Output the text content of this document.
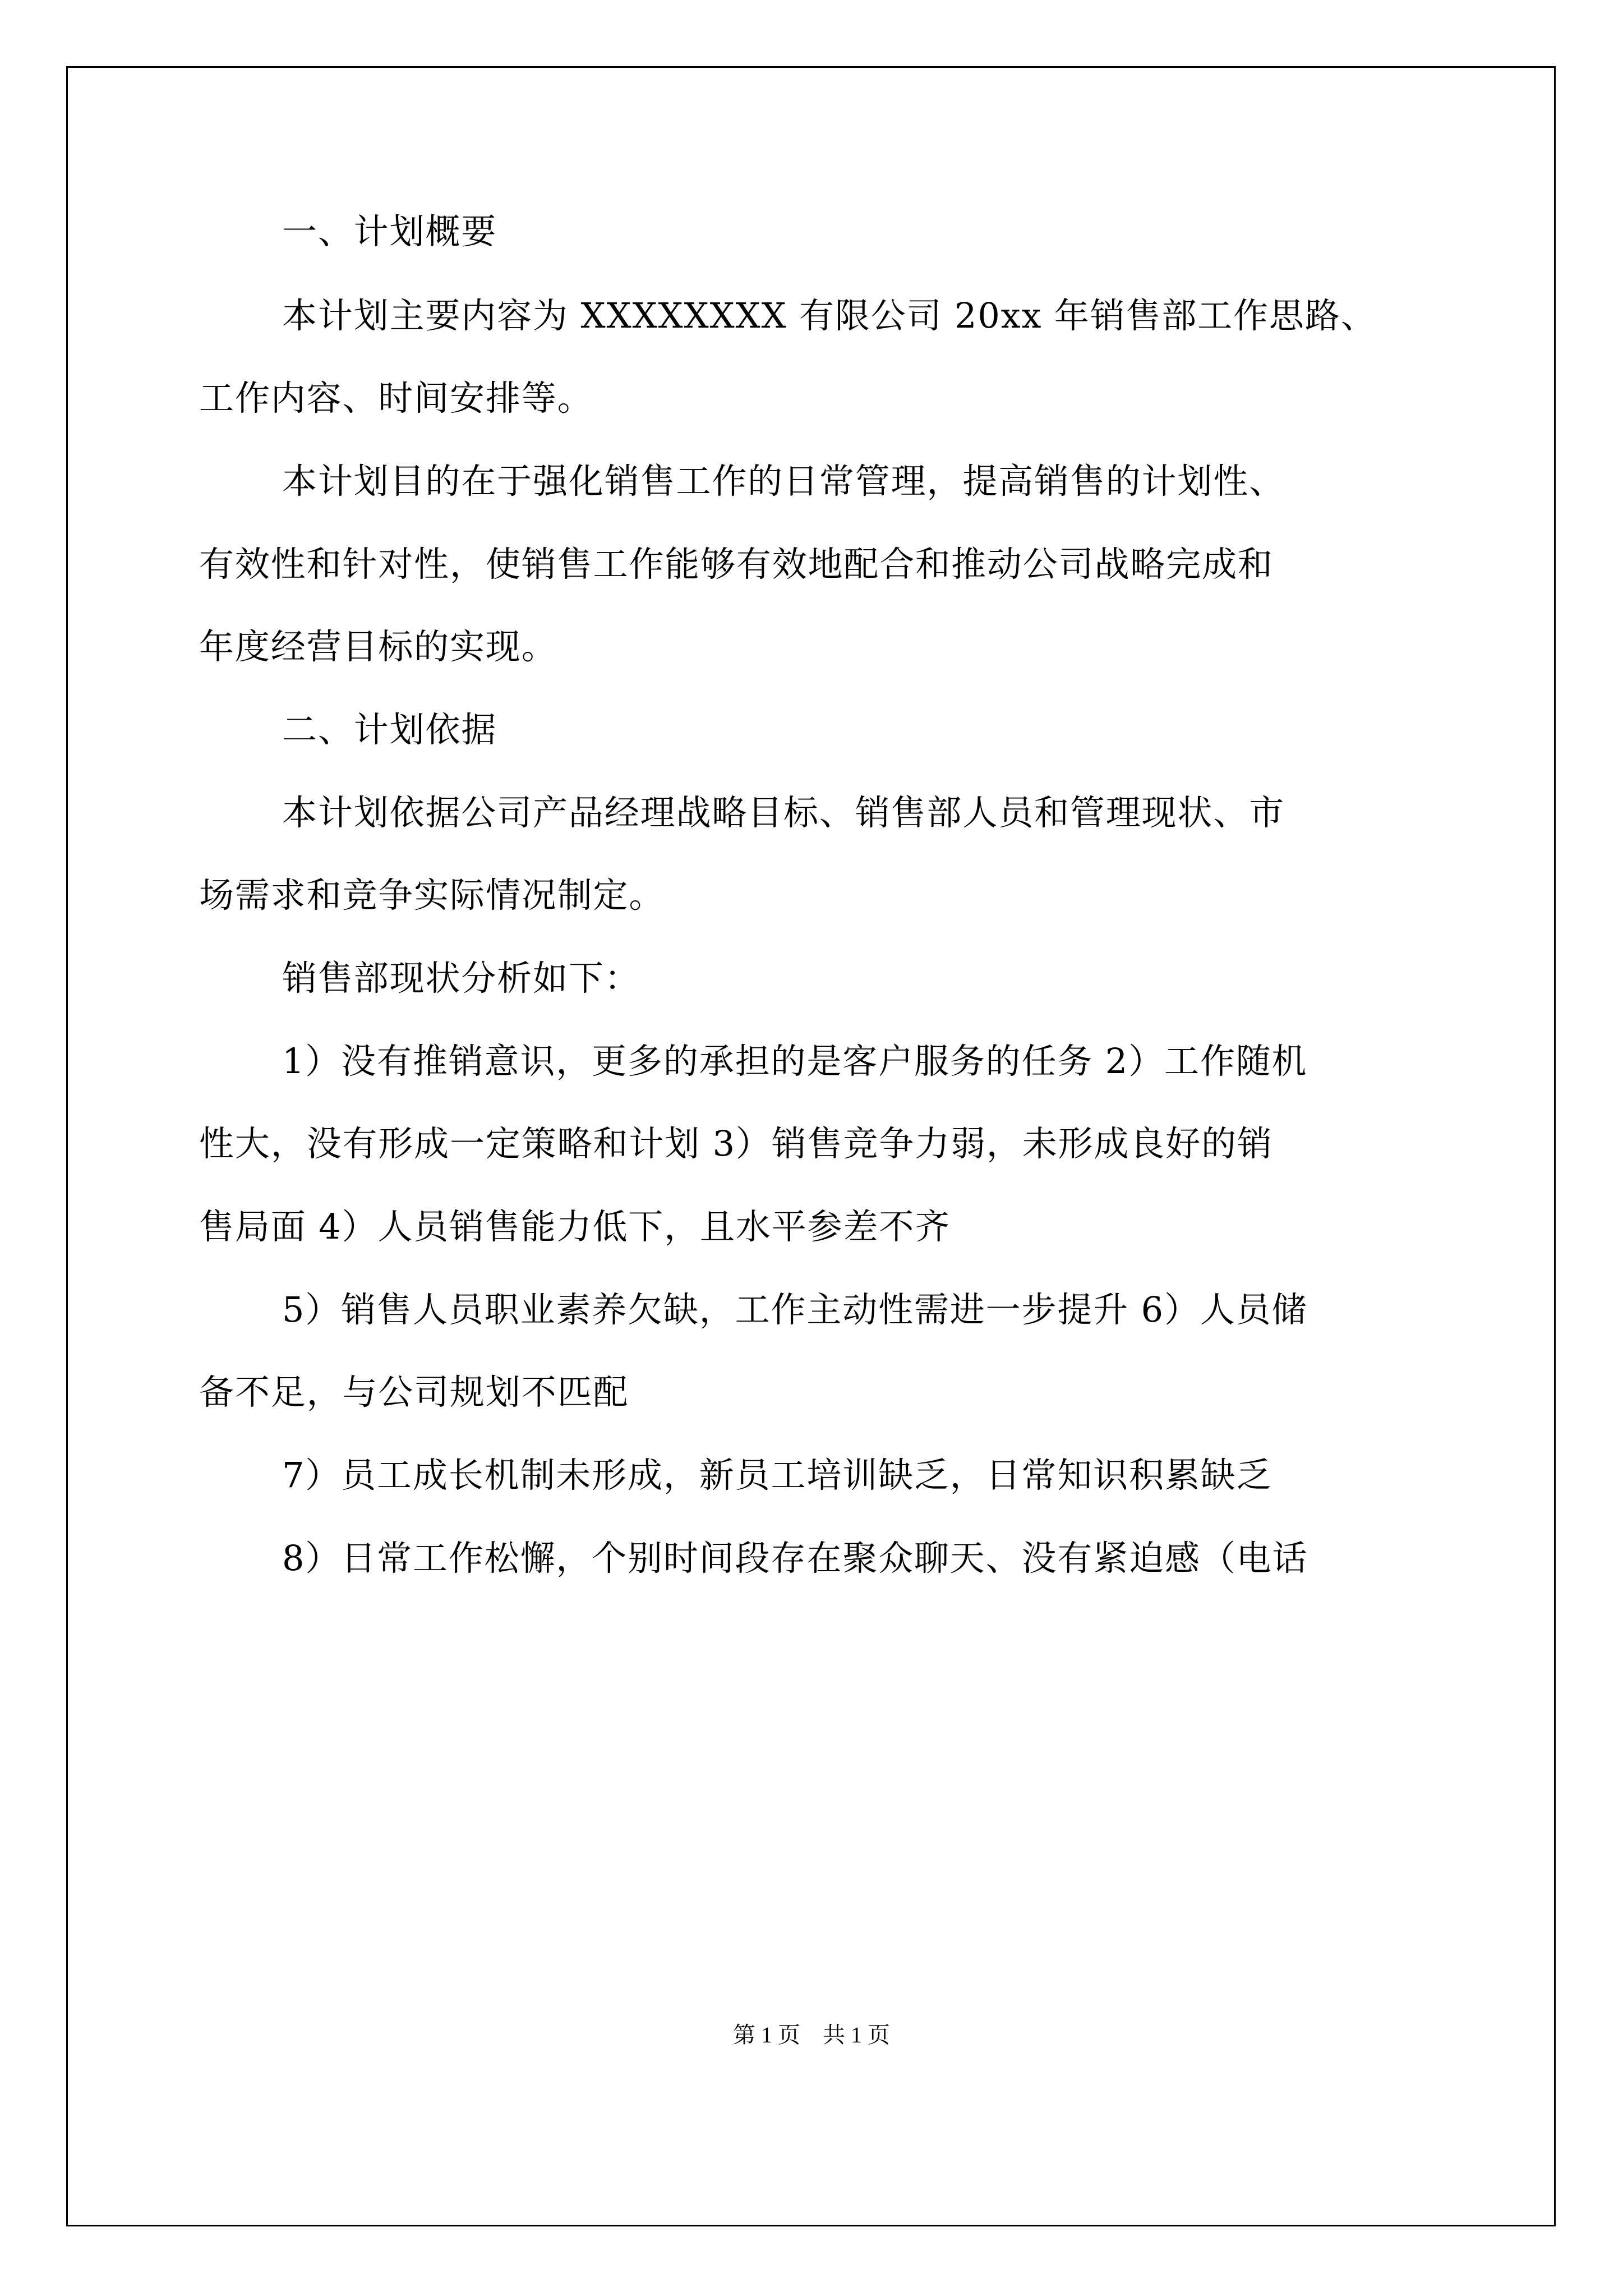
一、计划概要
本计划主要内容为 XXXXXXXX 有限公司 20xx 年销售部工作思路、
工作内容、时间安排等。
本计划目的在于强化销售工作的日常管理，提高销售的计划性、
有效性和针对性，使销售工作能够有效地配合和推动公司战略完成和
年度经营目标的实现。
二、计划依据
本计划依据公司产品经理战略目标、销售部人员和管理现状、市
场需求和竞争实际情况制定。
销售部现状分析如下：
1）没有推销意识，更多的承担的是客户服务的任务 2）工作随机
性大，没有形成一定策略和计划 3）销售竞争力弱，未形成良好的销
售局面 4）人员销售能力低下，且水平参差不齐
5）销售人员职业素养欠缺，工作主动性需进一步提升 6）人员储
备不足，与公司规划不匹配
7）员工成长机制未形成，新员工培训缺乏，日常知识积累缺乏
8）日常工作松懈，个别时间段存在聚众聊天、没有紧迫感（电话
第 1 页　共 1 页
